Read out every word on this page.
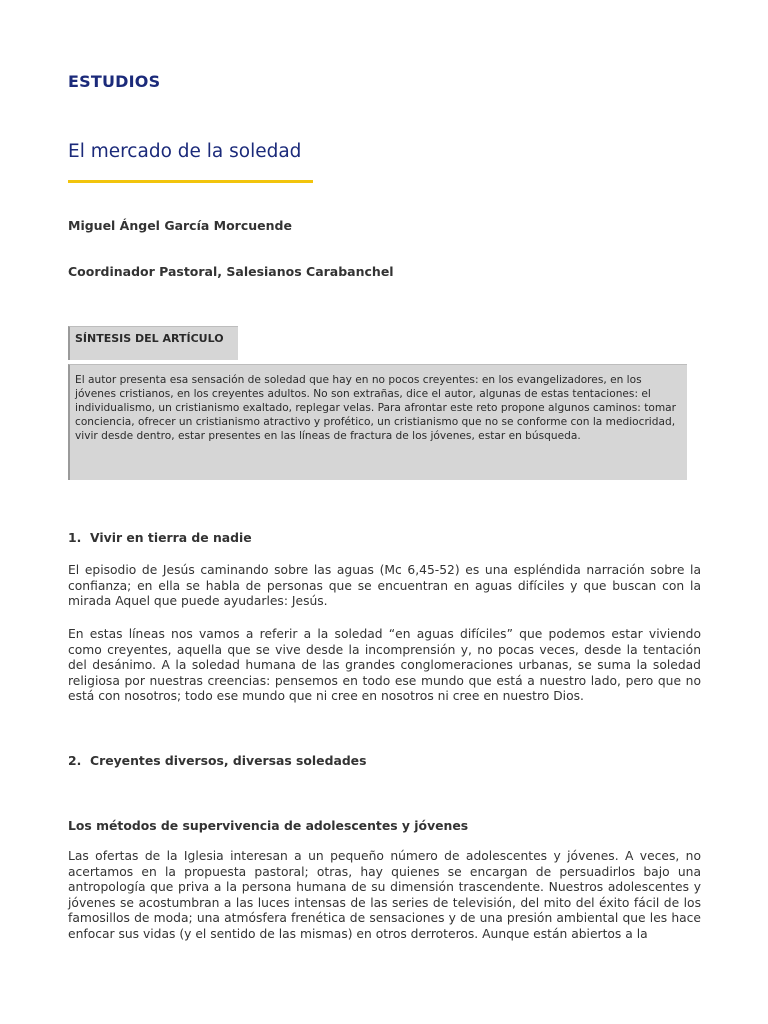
ESTUDIOS
El mercado de la soledad
Miguel Ángel García Morcuende
Coordinador Pastoral, Salesianos Carabanchel
SÍNTESIS DEL ARTÍCULO

El autor presenta esa sensación de soledad que hay en no pocos creyentes: en los evangelizadores, en los jóvenes cristianos, en los creyentes adultos. No son extrañas, dice el autor, algunas de estas tentaciones: el individualismo, un cristianismo exaltado, replegar velas. Para afrontar este reto propone algunos caminos: tomar conciencia, ofrecer un cristianismo atractivo y profético, un cristianismo que no se conforme con la mediocridad, vivir desde dentro, estar presentes en las líneas de fractura de los jóvenes, estar en búsqueda.

1. Vivir en tierra de nadie

El episodio de Jesús caminando sobre las aguas (Mc 6,45-52) es una espléndida narración sobre la confianza; en ella se habla de personas que se encuentran en aguas difíciles y que buscan con la mirada Aquel que puede ayudarles: Jesús.

En estas líneas nos vamos a referir a la soledad “en aguas difíciles” que podemos estar viviendo como creyentes, aquella que se vive desde la incomprensión y, no pocas veces, desde la tentación del desánimo. A la soledad humana de las grandes conglomeraciones urbanas, se suma la soledad religiosa por nuestras creencias: pensemos en todo ese mundo que está a nuestro lado, pero que no está con nosotros; todo ese mundo que ni cree en nosotros ni cree en nuestro Dios.

2. Creyentes diversos, diversas soledades
Los métodos de supervivencia de adolescentes y jóvenes

Las ofertas de la Iglesia interesan a un pequeño número de adolescentes y jóvenes. A veces, no acertamos en la propuesta pastoral; otras, hay quienes se encargan de persuadirlos bajo una antropología que priva a la persona humana de su dimensión trascendente. Nuestros adolescentes y jóvenes se acostumbran a las luces intensas de las series de televisión, del mito del éxito fácil de los famosillos de moda; una atmósfera frenética de sensaciones y de una presión ambiental que les hace enfocar sus vidas (y el sentido de las mismas) en otros derroteros. Aunque están abiertos a la
